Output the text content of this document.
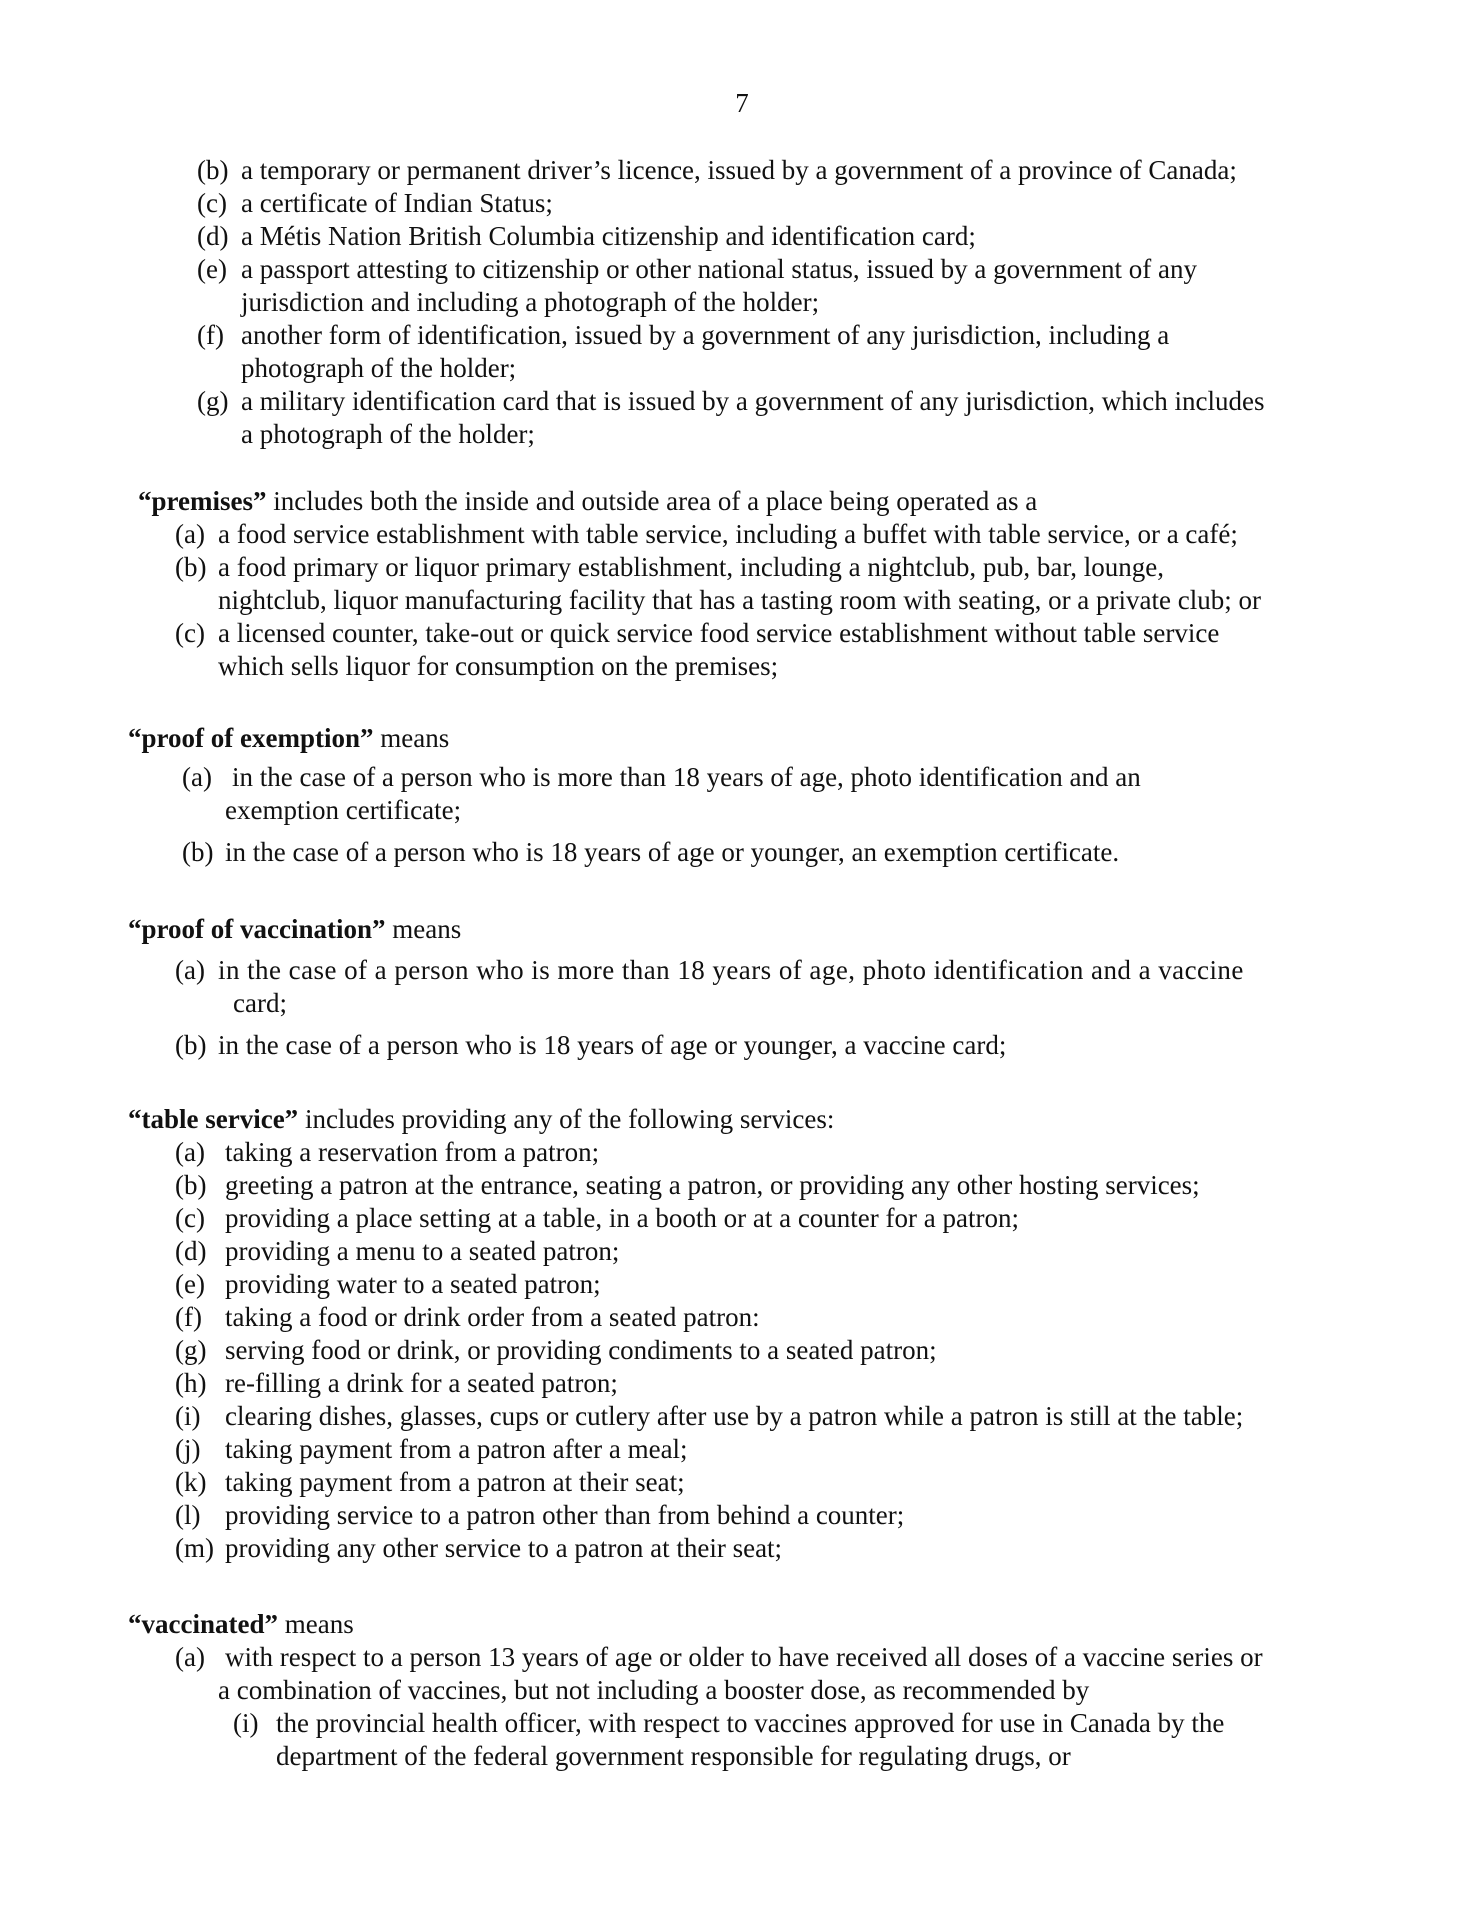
7
(b) a temporary or permanent driver’s licence, issued by a government of a province of Canada;
(c) a certificate of Indian Status;
(d) a Métis Nation British Columbia citizenship and identification card;
(e) a passport attesting to citizenship or other national status, issued by a government of any
jurisdiction and including a photograph of the holder;
(f) another form of identification, issued by a government of any jurisdiction, including a
photograph of the holder;
(g) a military identification card that is issued by a government of any jurisdiction, which includes
a photograph of the holder;
“premises” includes both the inside and outside area of a place being operated as a
(a) a food service establishment with table service, including a buffet with table service, or a café;
(b) a food primary or liquor primary establishment, including a nightclub, pub, bar, lounge,
nightclub, liquor manufacturing facility that has a tasting room with seating, or a private club; or
(c) a licensed counter, take-out or quick service food service establishment without table service
which sells liquor for consumption on the premises;
“proof of exemption” means
(a) in the case of a person who is more than 18 years of age, photo identification and an
exemption certificate;
(b) in the case of a person who is 18 years of age or younger, an exemption certificate.
“proof of vaccination” means
(a) in the case of a person who is more than 18 years of age, photo identification and a vaccine
card;
(b) in the case of a person who is 18 years of age or younger, a vaccine card;
“table service” includes providing any of the following services:
(a) taking a reservation from a patron;
(b) greeting a patron at the entrance, seating a patron, or providing any other hosting services;
(c) providing a place setting at a table, in a booth or at a counter for a patron;
(d) providing a menu to a seated patron;
(e) providing water to a seated patron;
(f) taking a food or drink order from a seated patron:
(g) serving food or drink, or providing condiments to a seated patron;
(h) re-filling a drink for a seated patron;
(i) clearing dishes, glasses, cups or cutlery after use by a patron while a patron is still at the table;
(j) taking payment from a patron after a meal;
(k) taking payment from a patron at their seat;
(l) providing service to a patron other than from behind a counter;
(m) providing any other service to a patron at their seat;
“vaccinated” means
(a) with respect to a person 13 years of age or older to have received all doses of a vaccine series or
a combination of vaccines, but not including a booster dose, as recommended by
(i) the provincial health officer, with respect to vaccines approved for use in Canada by the
department of the federal government responsible for regulating drugs, or
